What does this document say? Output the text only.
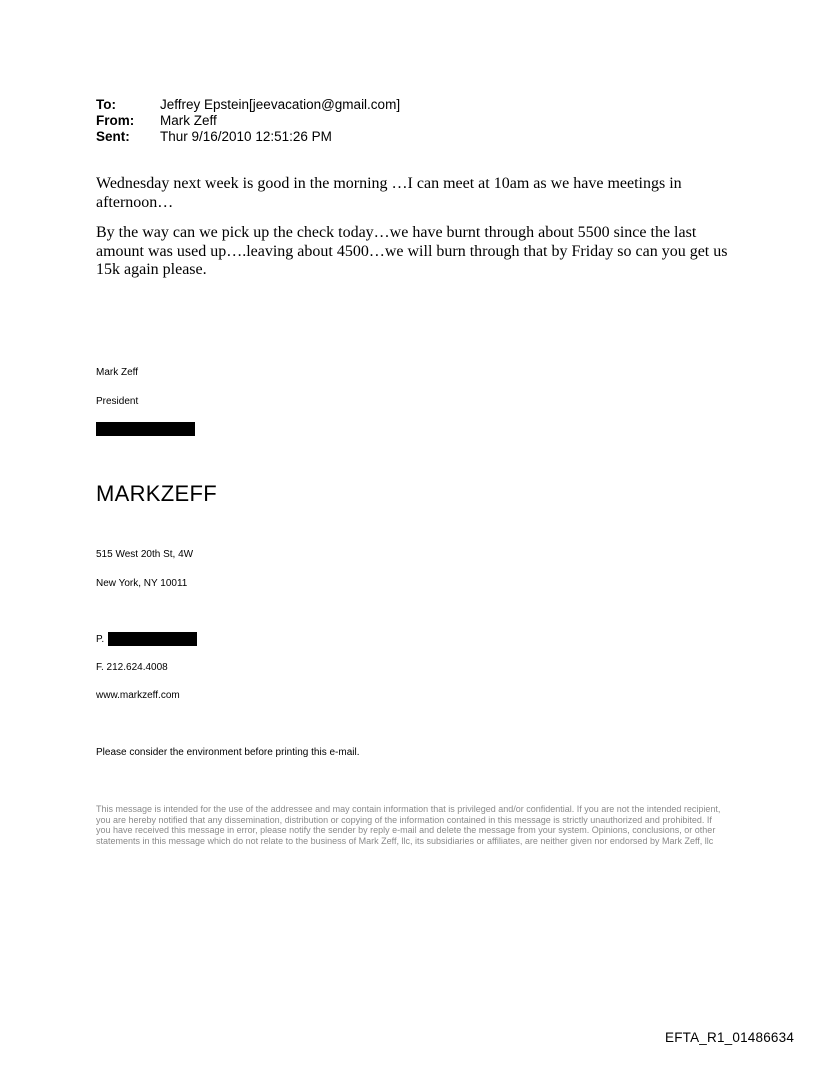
To:	Jeffrey Epstein[jeevacation@gmail.com]
From:	Mark Zeff
Sent:	Thur 9/16/2010 12:51:26 PM

Wednesday next week is good in the morning …I can meet at 10am as we have meetings in afternoon…

By the way can we pick up the check today…we have burnt through about 5500 since the last amount was used up….leaving about 4500…we will burn through that by Friday so can you get us 15k again please.

Mark Zeff
President
MARKZEFF
515 West 20th St, 4W
New York, NY 10011
P.
F. 212.624.4008
www.markzeff.com
Please consider the environment before printing this e-mail.
This message is intended for the use of the addressee and may contain information that is privileged and/or confidential. If you are not the intended recipient, you are hereby notified that any dissemination, distribution or copying of the information contained in this message is strictly unauthorized and prohibited. If you have received this message in error, please notify the sender by reply e-mail and delete the message from your system. Opinions, conclusions, or other statements in this message which do not relate to the business of Mark Zeff, llc, its subsidiaries or affiliates, are neither given nor endorsed by Mark Zeff, llc
EFTA_R1_01486634
